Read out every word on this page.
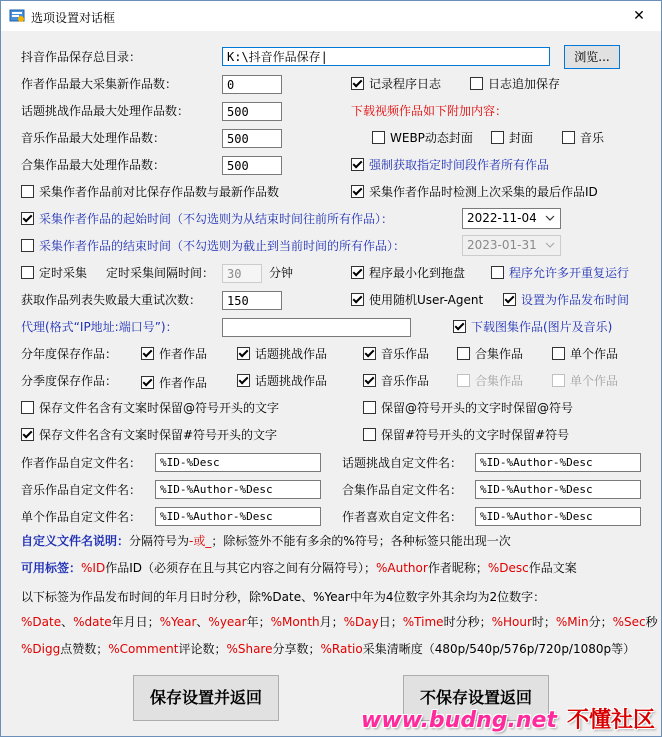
选项设置对话框	✕
抖音作品保存总目录：	K:\抖音作品保存|	浏览...
作者作品最大采集新作品数：	0	记录程序日志	日志追加保存
话题挑战作品最大处理作品数：	500	下载视频作品如下附加内容：
音乐作品最大处理作品数：	500	WEBP动态封面	封面	音乐
合集作品最大处理作品数：	500	强制获取指定时间段作者所有作品
采集作者作品前对比保存作品数与最新作品数	采集作者作品时检测上次采集的最后作品ID
采集作者作品的起始时间（不勾选则为从结束时间往前所有作品）：	2022-11-04
采集作者作品的结束时间（不勾选则为截止到当前时间的所有作品）：	2023-01-31
定时采集 定时采集间隔时间：	30	分钟	程序最小化到拖盘	程序允许多开重复运行
获取作品列表失败最大重试次数：	150	使用随机User-Agent	设置为作品发布时间
代理(格式“IP地址:端口号”)：	下载图集作品(图片及音乐)
分年度保存作品：	作者作品	话题挑战作品	音乐作品	合集作品	单个作品
分季度保存作品：	作者作品	话题挑战作品	音乐作品	合集作品	单个作品
保存文件名含有文案时保留@符号开头的文字	保留@符号开头的文字时保留@符号
保存文件名含有文案时保留#符号开头的文字	保留#符号开头的文字时保留#符号
作者作品自定文件名：	%ID-%Desc	话题挑战自定文件名：	%ID-%Author-%Desc
音乐作品自定文件名：	%ID-%Author-%Desc	合集作品自定文件名：	%ID-%Author-%Desc
单个作品自定文件名：	%ID-%Author-%Desc	作者喜欢自定文件名：	%ID-%Author-%Desc
自定义文件名说明：分隔符号为-或_；除标签外不能有多余的%符号；各种标签只能出现一次
可用标签：%ID作品ID（必须存在且与其它内容之间有分隔符号）；%Author作者昵称；%Desc作品文案
以下标签为作品发布时间的年月日时分秒，除%Date、%Year中年为4位数字外其余均为2位数字：
%Date、%date年月日；%Year、%year年；%Month月；%Day日；%Time时分秒；%Hour时；%Min分；%Sec秒
%Digg点赞数；%Comment评论数；%Share分享数；%Ratio采集清晰度（480p/540p/576p/720p/1080p等）
保存设置并返回	不保存设置返回
www.budng.net 不懂社区
